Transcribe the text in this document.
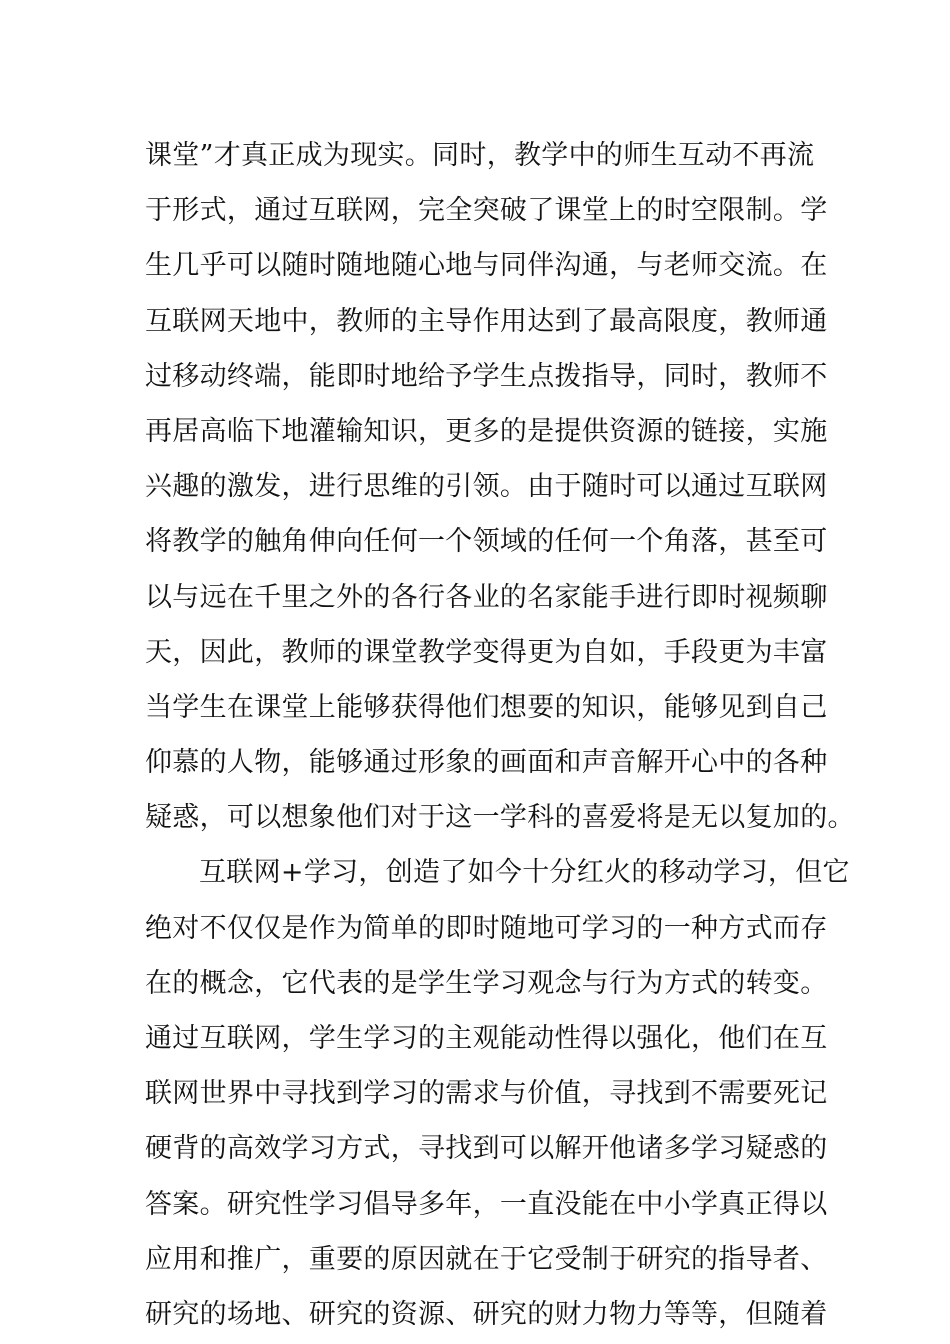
课堂”才真正成为现实。同时，教学中的师生互动不再流
于形式，通过互联网，完全突破了课堂上的时空限制。学
生几乎可以随时随地随心地与同伴沟通，与老师交流。在
互联网天地中，教师的主导作用达到了最高限度，教师通
过移动终端，能即时地给予学生点拨指导，同时，教师不
再居高临下地灌输知识，更多的是提供资源的链接，实施
兴趣的激发，进行思维的引领。由于随时可以通过互联网
将教学的触角伸向任何一个领域的任何一个角落，甚至可
以与远在千里之外的各行各业的名家能手进行即时视频聊
天，因此，教师的课堂教学变得更为自如，手段更为丰富
当学生在课堂上能够获得他们想要的知识，能够见到自己
仰慕的人物，能够通过形象的画面和声音解开心中的各种
疑惑，可以想象他们对于这一学科的喜爱将是无以复加的。
互联网+学习，创造了如今十分红火的移动学习，但它
绝对不仅仅是作为简单的即时随地可学习的一种方式而存
在的概念，它代表的是学生学习观念与行为方式的转变。
通过互联网，学生学习的主观能动性得以强化，他们在互
联网世界中寻找到学习的需求与价值，寻找到不需要死记
硬背的高效学习方式，寻找到可以解开他诸多学习疑惑的
答案。研究性学习倡导多年，一直没能在中小学真正得以
应用和推广，重要的原因就在于它受制于研究的指导者、
研究的场地、研究的资源、研究的财力物力等等，但随着
